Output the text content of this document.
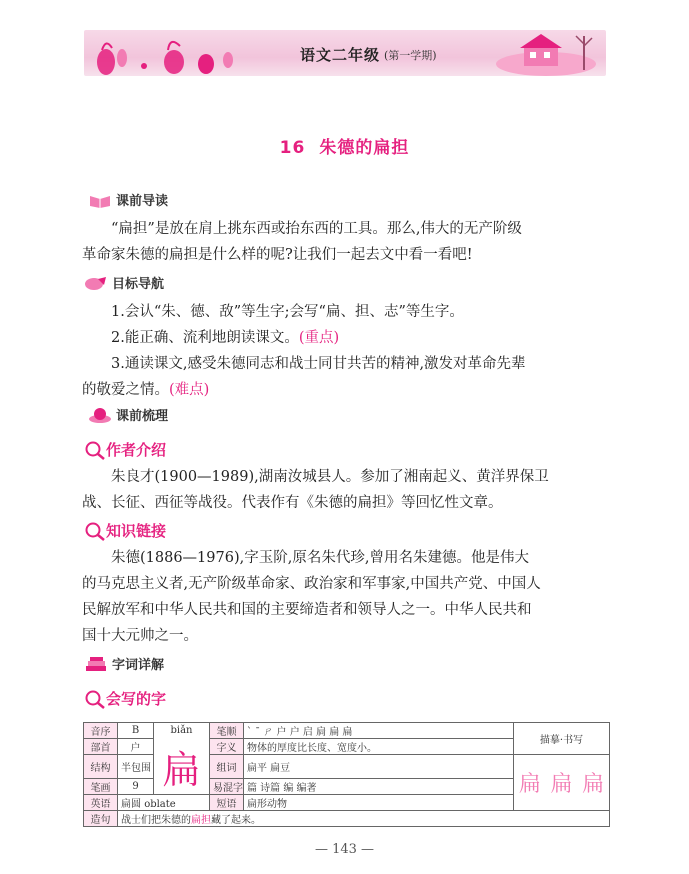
语文二年级 (第一学期)
16 朱德的扁担
课前导读
“扁担”是放在肩上挑东西或抬东西的工具。那么,伟大的无产阶级
革命家朱德的扁担是什么样的呢?让我们一起去文中看一看吧!
目标导航
1.会认“朱、德、敌”等生字;会写“扁、担、志”等生字。
2.能正确、流利地朗读课文。(重点)
3.通读课文,感受朱德同志和战士同甘共苦的精神,激发对革命先辈
的敬爱之情。(难点)
课前梳理
作者介绍
朱良才(1900—1989),湖南汝城县人。参加了湘南起义、黄洋界保卫
战、长征、西征等战役。代表作有《朱德的扁担》等回忆性文章。
知识链接
朱德(1886—1976),字玉阶,原名朱代珍,曾用名朱建德。他是伟大
的马克思主义者,无产阶级革命家、政治家和军事家,中国共产党、中国人
民解放军和中华人民共和国的主要缔造者和领导人之一。中华人民共和
国十大元帅之一。
字词详解
会写的字
音序	B	biǎn	笔顺	` ˉ ㄕ 户 户 启 扃 扁 扁	描摹·书写
部首	户	扁	字义	物体的厚度比长度、宽度小。	
结构	半包围		组词	扁平 扁豆	扁 扁 扁

笔画	9		易混字	篇 诗篇 编 编著	
英语	扁圆 oblate		短语	扁形动物	
造句	战士们把朱德的扁担藏了起来。				
— 143 —
